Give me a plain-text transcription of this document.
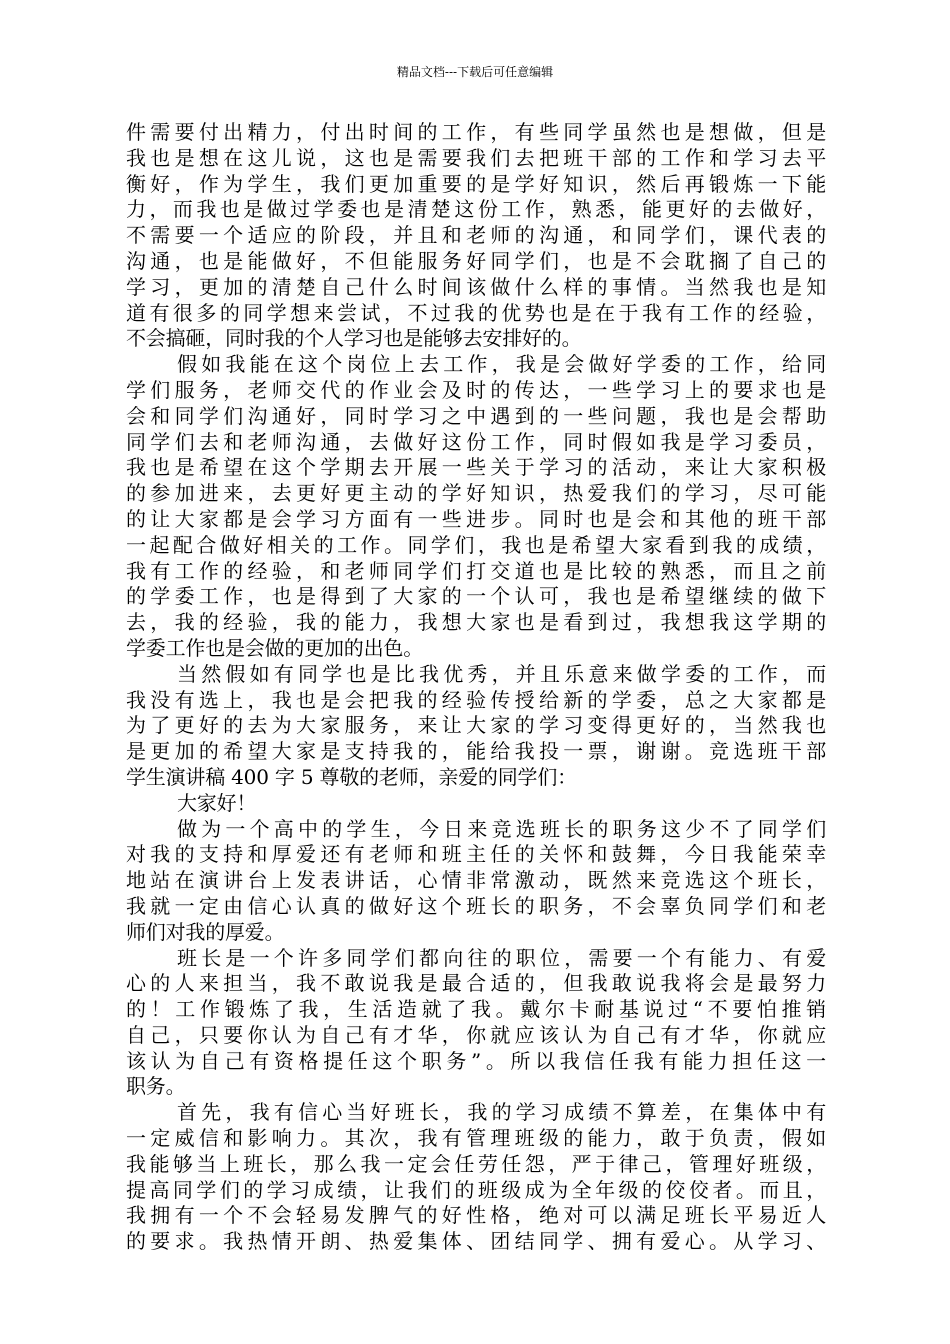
精品文档---下载后可任意编辑
件需要付出精力，付出时间的工作，有些同学虽然也是想做，但是
我也是想在这儿说，这也是需要我们去把班干部的工作和学习去平
衡好，作为学生，我们更加重要的是学好知识，然后再锻炼一下能
力，而我也是做过学委也是清楚这份工作，熟悉，能更好的去做好，
不需要一个适应的阶段，并且和老师的沟通，和同学们，课代表的
沟通，也是能做好，不但能服务好同学们，也是不会耽搁了自己的
学习，更加的清楚自己什么时间该做什么样的事情。当然我也是知
道有很多的同学想来尝试，不过我的优势也是在于我有工作的经验，
不会搞砸，同时我的个人学习也是能够去安排好的。
假如我能在这个岗位上去工作，我是会做好学委的工作，给同
学们服务，老师交代的作业会及时的传达，一些学习上的要求也是
会和同学们沟通好，同时学习之中遇到的一些问题，我也是会帮助
同学们去和老师沟通，去做好这份工作，同时假如我是学习委员，
我也是希望在这个学期去开展一些关于学习的活动，来让大家积极
的参加进来，去更好更主动的学好知识，热爱我们的学习，尽可能
的让大家都是会学习方面有一些进步。同时也是会和其他的班干部
一起配合做好相关的工作。同学们，我也是希望大家看到我的成绩，
我有工作的经验，和老师同学们打交道也是比较的熟悉，而且之前
的学委工作，也是得到了大家的一个认可，我也是希望继续的做下
去，我的经验，我的能力，我想大家也是看到过，我想我这学期的
学委工作也是会做的更加的出色。
当然假如有同学也是比我优秀，并且乐意来做学委的工作，而
我没有选上，我也是会把我的经验传授给新的学委，总之大家都是
为了更好的去为大家服务，来让大家的学习变得更好的，当然我也
是更加的希望大家是支持我的，能给我投一票，谢谢。竞选班干部
学生演讲稿 400 字 5 尊敬的老师，亲爱的同学们：
大家好！
做为一个高中的学生，今日来竞选班长的职务这少不了同学们
对我的支持和厚爱还有老师和班主任的关怀和鼓舞，今日我能荣幸
地站在演讲台上发表讲话，心情非常激动，既然来竞选这个班长，
我就一定由信心认真的做好这个班长的职务，不会辜负同学们和老
师们对我的厚爱。
班长是一个许多同学们都向往的职位，需要一个有能力、有爱
心的人来担当，我不敢说我是最合适的，但我敢说我将会是最努力
的！工作锻炼了我，生活造就了我。戴尔卡耐基说过“不要怕推销
自己，只要你认为自己有才华，你就应该认为自己有才华，你就应
该认为自己有资格提任这个职务”。所以我信任我有能力担任这一
职务。
首先，我有信心当好班长，我的学习成绩不算差，在集体中有
一定威信和影响力。其次，我有管理班级的能力，敢于负责，假如
我能够当上班长，那么我一定会任劳任怨，严于律己，管理好班级，
提高同学们的学习成绩，让我们的班级成为全年级的佼佼者。而且，
我拥有一个不会轻易发脾气的好性格，绝对可以满足班长平易近人
的要求。我热情开朗、热爱集体、团结同学、拥有爱心。从学习、
